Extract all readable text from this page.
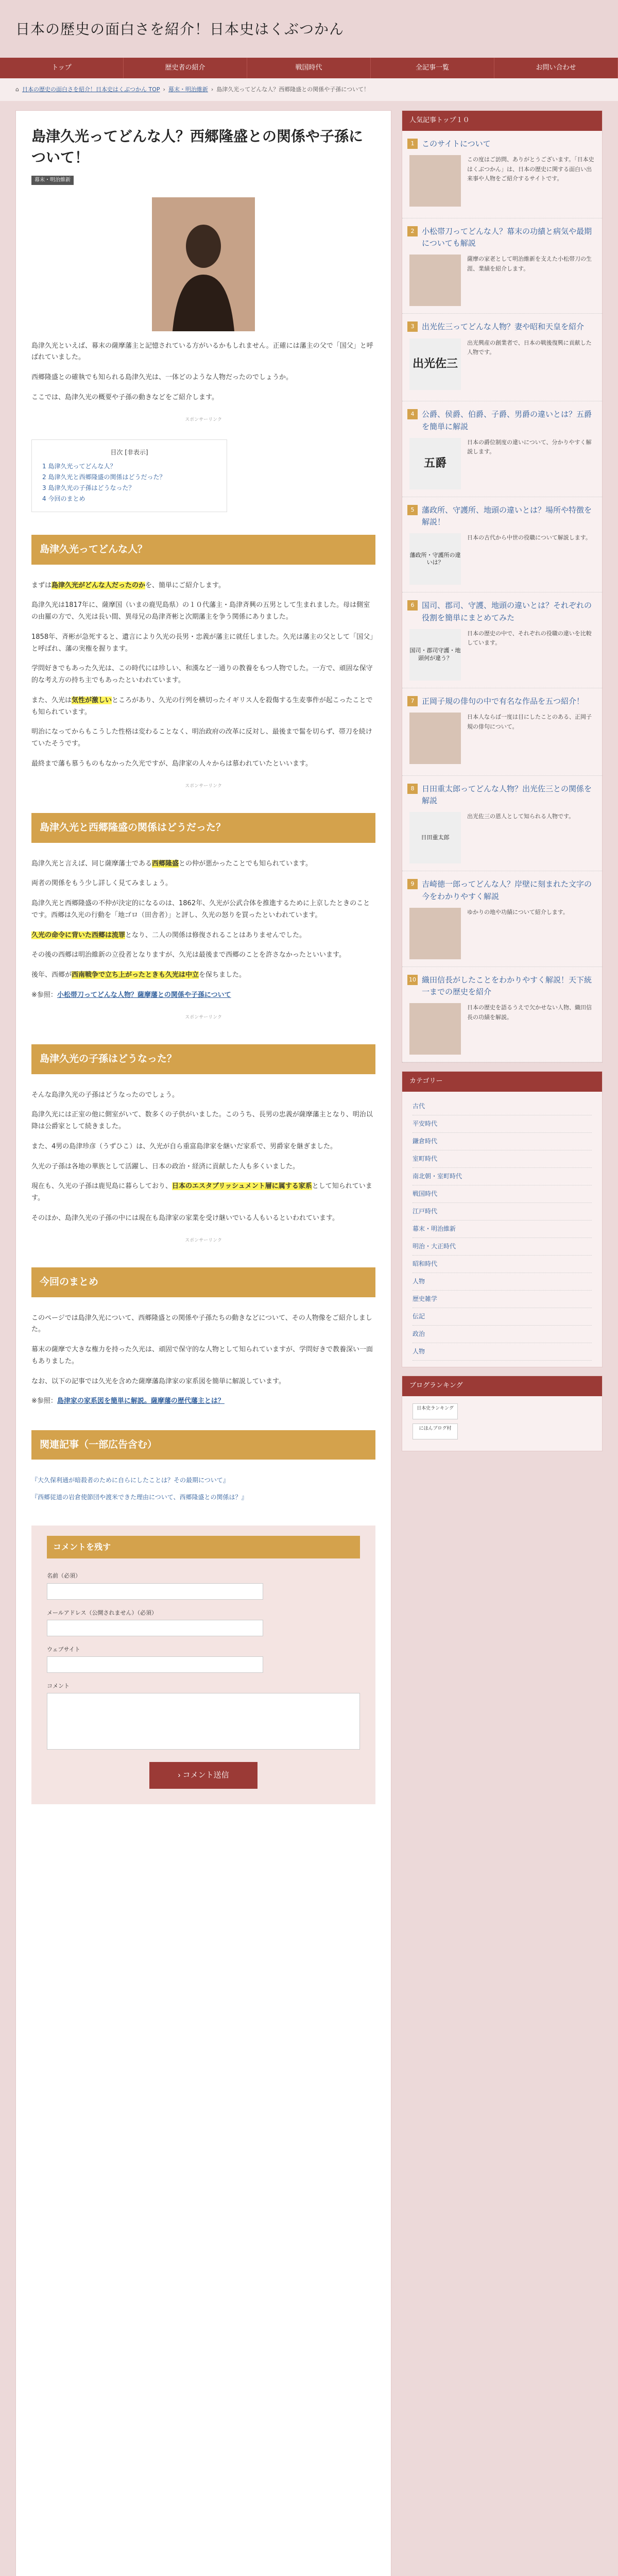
日本の歴史の面白さを紹介！日本史はくぶつかん
トップ	歴史者の紹介	戦国時代	全記事一覧	お問い合わせ
⌂ 日本の歴史の面白さを紹介！日本史はくぶつかん TOP › 幕末・明治維新 › 島津久光ってどんな人？西郷隆盛との関係や子孫について！
島津久光ってどんな人？西郷隆盛との関係や子孫について！
幕末・明治維新

島津久光といえば、幕末の薩摩藩主と記憶されている方がいるかもしれません。正確には藩主の父で「国父」と呼ばれていました。

西郷隆盛との確執でも知られる島津久光は、一体どのような人物だったのでしょうか。

ここでは、島津久光の概要や子孫の動きなどをご紹介します。

スポンサーリンク
目次 [非表示]
1 島津久光ってどんな人？
2 島津久光と西郷隆盛の関係はどうだった？
3 島津久光の子孫はどうなった？
4 今回のまとめ
島津久光ってどんな人？

まずは島津久光がどんな人だったのかを、簡単にご紹介します。

島津久光は1817年に、薩摩国（いまの鹿児島県）の１０代藩主・島津斉興の五男として生まれました。母は側室の由羅の方で、久光は長い間、異母兄の島津斉彬と次期藩主を争う関係にありました。

1858年、斉彬が急死すると、遺言により久光の長男・忠義が藩主に就任しました。久光は藩主の父として「国父」と呼ばれ、藩の実権を握ります。

学問好きでもあった久光は、この時代には珍しい、和漢など一通りの教養をもつ人物でした。一方で、頑固な保守的な考え方の持ち主でもあったといわれています。

また、久光は気性が激しいところがあり、久光の行列を横切ったイギリス人を殺傷する生麦事件が起こったことでも知られています。

明治になってからもこうした性格は変わることなく、明治政府の改革に反対し、最後まで髷を切らず、帯刀を続けていたそうです。

最終まで藩も慕うものもなかった久光ですが、島津家の人々からは慕われていたといいます。

スポンサーリンク
島津久光と西郷隆盛の関係はどうだった？

島津久光と言えば、同じ薩摩藩士である西郷隆盛との仲が悪かったことでも知られています。

両者の関係をもう少し詳しく見てみましょう。

島津久光と西郷隆盛の不仲が決定的になるのは、1862年、久光が公武合体を推進するために上京したときのことです。西郷は久光の行動を「地ゴロ（田舎者）」と評し、久光の怒りを買ったといわれています。

久光の命令に背いた西郷は流罪となり、二人の関係は修復されることはありませんでした。

その後の西郷は明治維新の立役者となりますが、久光は最後まで西郷のことを許さなかったといいます。

後年、西郷が西南戦争で立ち上がったときも久光は中立を保ちました。

※参照：小松帯刀ってどんな人物？薩摩藩との関係や子孫について

スポンサーリンク
島津久光の子孫はどうなった？

そんな島津久光の子孫はどうなったのでしょう。

島津久光には正室の他に側室がいて、数多くの子供がいました。このうち、長男の忠義が薩摩藩主となり、明治以降は公爵家として続きました。

また、4男の島津珍彦（うずひこ）は、久光が自ら重富島津家を継いだ家系で、男爵家を継ぎました。

久光の子孫は各地の華族として活躍し、日本の政治・経済に貢献した人も多くいました。

現在も、久光の子孫は鹿児島に暮らしており、日本のエスタブリッシュメント層に属する家系として知られています。

そのほか、島津久光の子孫の中には現在も島津家の家業を受け継いでいる人もいるといわれています。

スポンサーリンク
今回のまとめ

このページでは島津久光について、西郷隆盛との関係や子孫たちの動きなどについて、その人物像をご紹介しました。

幕末の薩摩で大きな権力を持った久光は、頑固で保守的な人物として知られていますが、学問好きで教養深い一面もありました。

なお、以下の記事では久光を含めた薩摩藩島津家の家系図を簡単に解説しています。

※参照：島津家の家系図を簡単に解説。薩摩藩の歴代藩主とは？

関連記事（一部広告含む）
『大久保利通が暗殺者のために自らにしたことは？その最期について』
『西郷従道の岩倉使節団や渡米できた理由について、西郷隆盛との関係は？』
コメントを残す
名前（必須）
メールアドレス（公開されません）（必須）
ウェブサイト
コメント
› コメント送信
人気記事トップ１０
1 このサイトについて
この度はご訪問、ありがとうございます。「日本史はくぶつかん」は、日本の歴史に関する面白い出来事や人物をご紹介するサイトです。
2 小松帯刀ってどんな人？幕末の功績と病気や最期についても解説
薩摩の家老として明治維新を支えた小松帯刀の生涯、業績を紹介します。
3 出光佐三ってどんな人物？妻や昭和天皇を紹介
出光佐三
出光興産の創業者で、日本の戦後復興に貢献した人物です。
4 公爵、侯爵、伯爵、子爵、男爵の違いとは？五爵を簡単に解説
五爵
日本の爵位制度の違いについて、分かりやすく解説します。
5 藩政所、守護所、地頭の違いとは？場所や特徴を解説！
藩政所・守護所の違いは？
日本の古代から中世の役職について解説します。
6 国司、郡司、守護、地頭の違いとは？それぞれの役割を簡単にまとめてみた
国司・郡司守護・地頭何が違う？
日本の歴史の中で、それぞれの役職の違いを比較しています。
7 正岡子規の俳句の中で有名な作品を五つ紹介！
日本人ならば一度は目にしたことのある、正岡子規の俳句について。
8 日田重太郎ってどんな人物？出光佐三との関係を解説
日田重太郎
出光佐三の恩人として知られる人物です。
9 吉崎徳一郎ってどんな人？岸壁に刻まれた文字の今をわかりやすく解説
ゆかりの地や功績について紹介します。
10 織田信長がしたことをわかりやすく解説！天下統一までの歴史を紹介
日本の歴史を語るうえで欠かせない人物、織田信長の功績を解説。
カテゴリー
古代
平安時代
鎌倉時代
室町時代
南北朝・室町時代
戦国時代
江戸時代
幕末・明治維新
明治・大正時代
昭和時代
人物
歴史雑学
伝記
政治
人物
ブログランキング
日本史ランキング
にほんブログ村
